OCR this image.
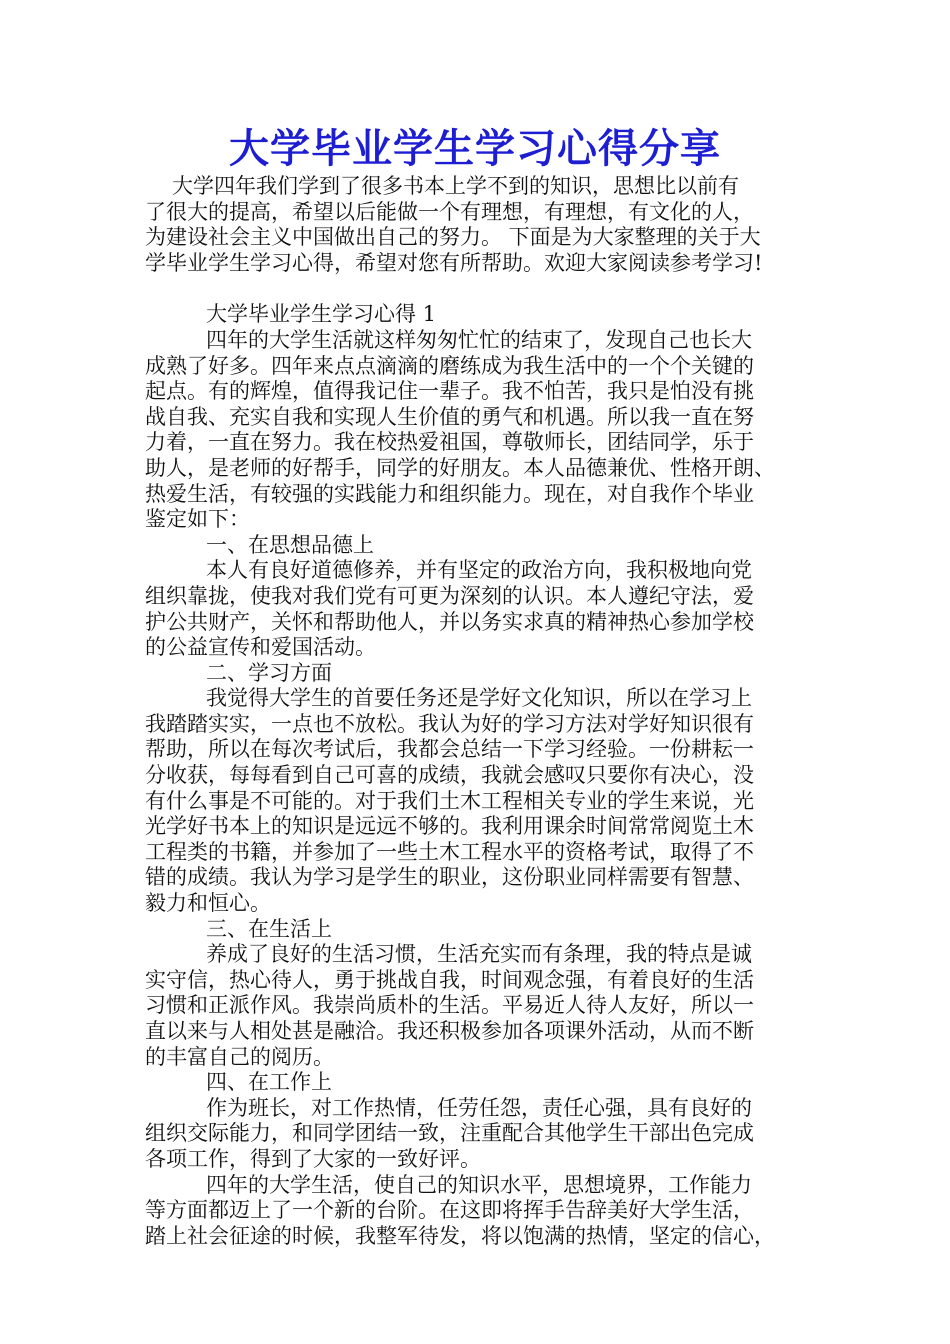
大学毕业学生学习心得分享
大学四年我们学到了很多书本上学不到的知识，思想比以前有
了很大的提高，希望以后能做一个有理想，有理想，有文化的人，
为建设社会主义中国做出自己的努力。 下面是为大家整理的关于大
学毕业学生学习心得，希望对您有所帮助。欢迎大家阅读参考学习!
大学毕业学生学习心得 1
四年的大学生活就这样匆匆忙忙的结束了，发现自己也长大
成熟了好多。四年来点点滴滴的磨练成为我生活中的一个个关键的
起点。有的辉煌，值得我记住一辈子。我不怕苦，我只是怕没有挑
战自我、充实自我和实现人生价值的勇气和机遇。所以我一直在努
力着，一直在努力。我在校热爱祖国，尊敬师长，团结同学，乐于
助人，是老师的好帮手，同学的好朋友。本人品德兼优、性格开朗、
热爱生活，有较强的实践能力和组织能力。现在，对自我作个毕业
鉴定如下：
一、在思想品德上
本人有良好道德修养，并有坚定的政治方向，我积极地向党
组织靠拢，使我对我们党有可更为深刻的认识。本人遵纪守法，爱
护公共财产，关怀和帮助他人，并以务实求真的精神热心参加学校
的公益宣传和爱国活动。
二、学习方面
我觉得大学生的首要任务还是学好文化知识，所以在学习上
我踏踏实实，一点也不放松。我认为好的学习方法对学好知识很有
帮助，所以在每次考试后，我都会总结一下学习经验。一份耕耘一
分收获，每每看到自己可喜的成绩，我就会感叹只要你有决心，没
有什么事是不可能的。对于我们土木工程相关专业的学生来说，光
光学好书本上的知识是远远不够的。我利用课余时间常常阅览土木
工程类的书籍，并参加了一些土木工程水平的资格考试，取得了不
错的成绩。我认为学习是学生的职业，这份职业同样需要有智慧、
毅力和恒心。
三、在生活上
养成了良好的生活习惯，生活充实而有条理，我的特点是诚
实守信，热心待人，勇于挑战自我，时间观念强，有着良好的生活
习惯和正派作风。我崇尚质朴的生活。平易近人待人友好，所以一
直以来与人相处甚是融洽。我还积极参加各项课外活动，从而不断
的丰富自己的阅历。
四、在工作上
作为班长，对工作热情，任劳任怨，责任心强，具有良好的
组织交际能力，和同学团结一致，注重配合其他学生干部出色完成
各项工作，得到了大家的一致好评。
四年的大学生活，使自己的知识水平，思想境界，工作能力
等方面都迈上了一个新的台阶。在这即将挥手告辞美好大学生活，
踏上社会征途的时候，我整军待发，将以饱满的热情，坚定的信心，
